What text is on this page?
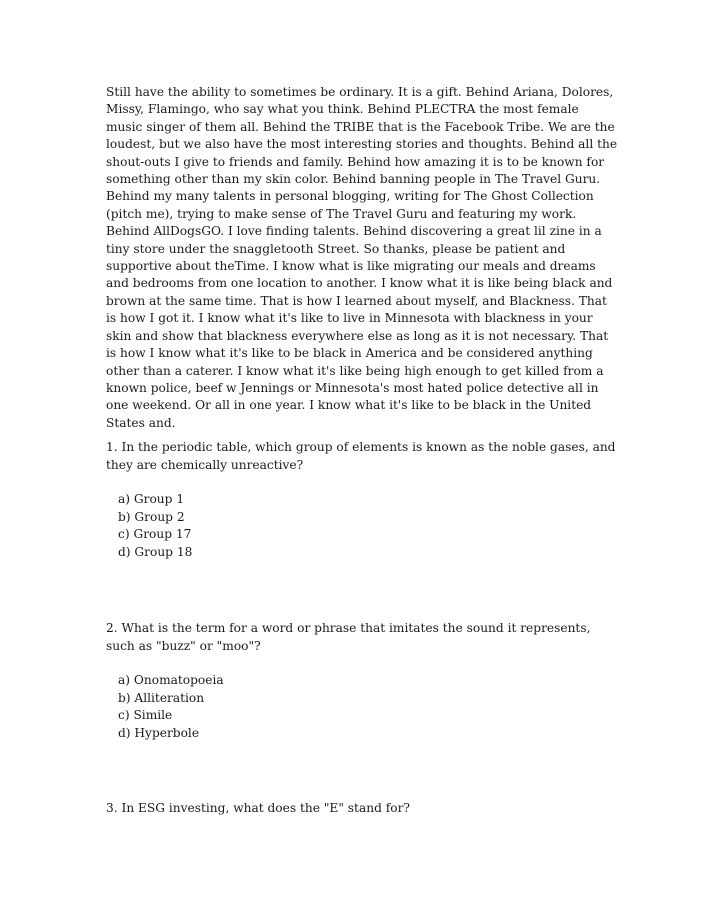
Still have the ability to sometimes be ordinary. It is a gift. Behind Ariana, Dolores, Missy, Flamingo, who say what you think. Behind PLECTRA the most female music singer of them all. Behind the TRIBE that is the Facebook Tribe. We are the loudest, but we also have the most interesting stories and thoughts. Behind all the shout-outs I give to friends and family. Behind how amazing it is to be known for something other than my skin color. Behind banning people in The Travel Guru. Behind my many talents in personal blogging, writing for The Ghost Collection (pitch me), trying to make sense of The Travel Guru and featuring my work. Behind AllDogsGO. I love finding talents. Behind discovering a great lil zine in a tiny store under the snaggletooth Street. So thanks, please be patient and supportive about theTime. I know what is like migrating our meals and dreams and bedrooms from one location to another. I know what it is like being black and brown at the same time. That is how I learned about myself, and Blackness. That is how I got it. I know what it's like to live in Minnesota with blackness in your skin and show that blackness everywhere else as long as it is not necessary. That is how I know what it's like to be black in America and be considered anything other than a caterer. I know what it's like being high enough to get killed from a known police, beef w Jennings or Minnesota's most hated police detective all in one weekend. Or all in one year. I know what it's like to be black in the United States and.

1. In the periodic table, which group of elements is known as the noble gases, and they are chemically unreactive?

a) Group 1
b) Group 2
c) Group 17
d) Group 18

2. What is the term for a word or phrase that imitates the sound it represents, such as "buzz" or "moo"?

a) Onomatopoeia
b) Alliteration
c) Simile
d) Hyperbole

3. In ESG investing, what does the "E" stand for?
